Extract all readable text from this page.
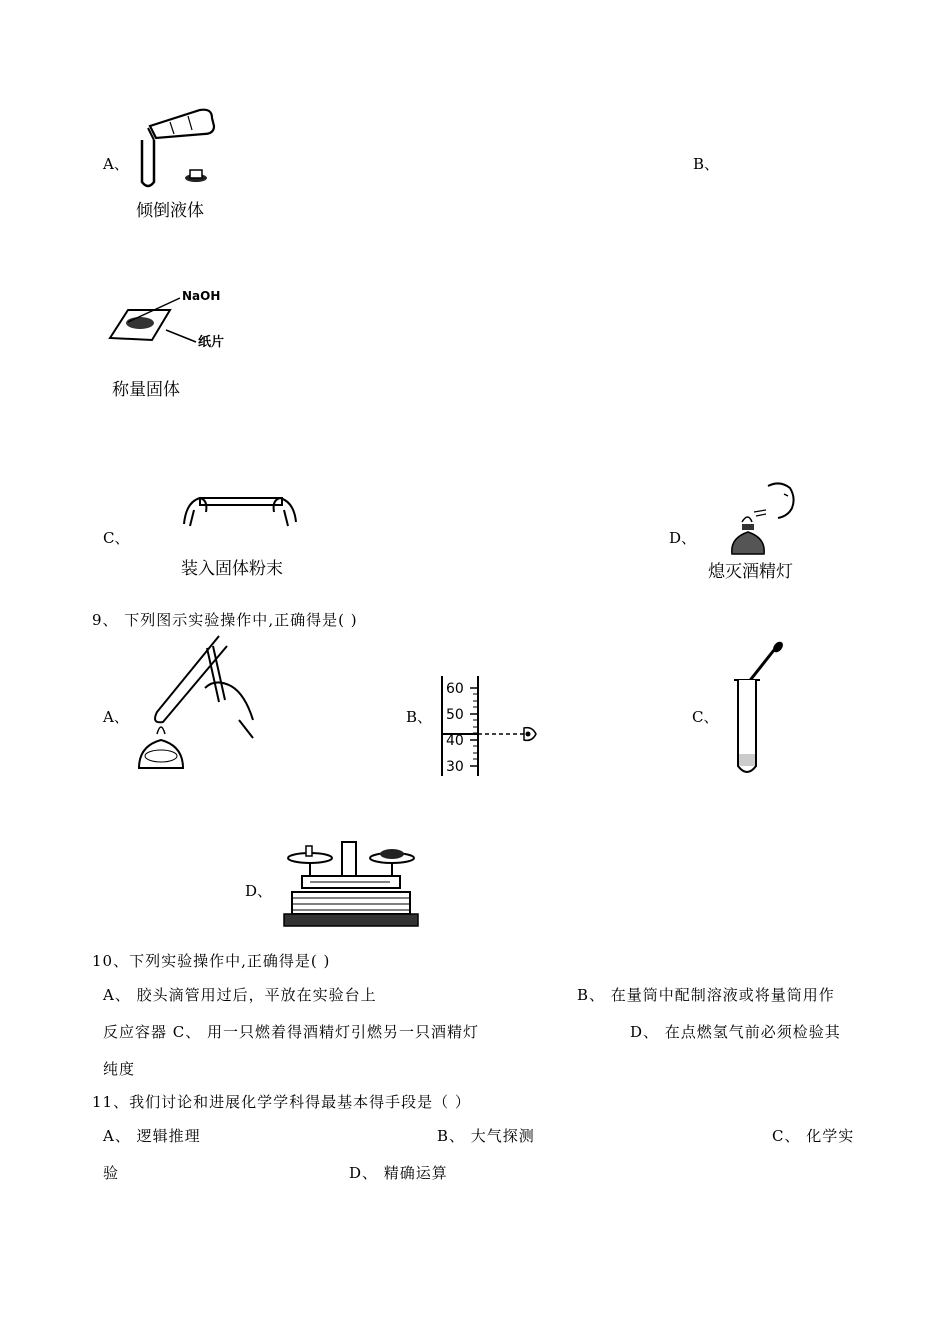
A、
倾倒液体
B、
NaOH
纸片
称量固体
C、
装入固体粉末
D、
熄灭酒精灯
9、 下列图示实验操作中,正确得是( )
A、	B、
60
50
40
30
C、
D、
10、下列实验操作中,正确得是( )
A、 胶头滴管用过后，平放在实验台上	B、 在量筒中配制溶液或将量筒用作
反应容器 C、 用一只燃着得酒精灯引燃另一只酒精灯	D、 在点燃氢气前必须检验其
纯度
11、我们讨论和进展化学学科得最基本得手段是（ ）
A、 逻辑推理	B、 大气探测	C、 化学实
验	D、 精确运算
